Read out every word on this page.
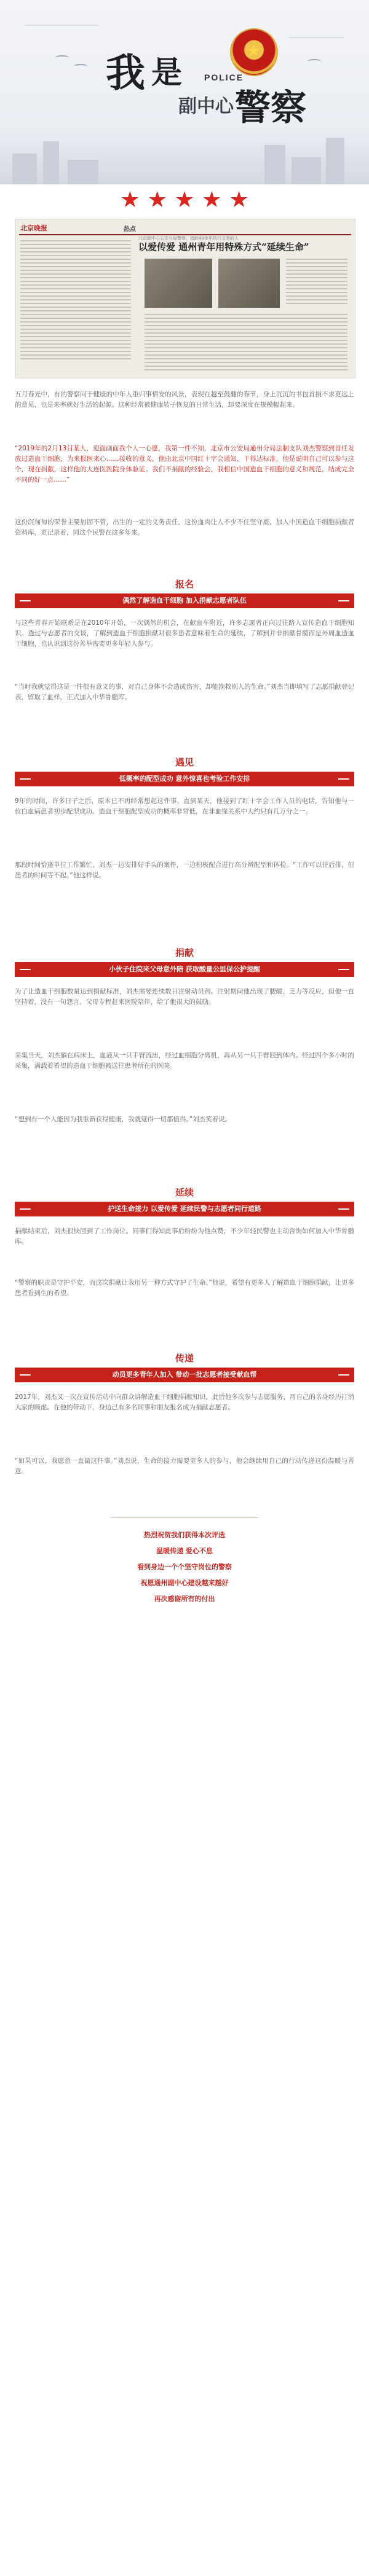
★
我 是
副中心 警察
POLICE
★ ★ ★ ★ ★
北京晚报	热点
北京副中心公安分局警察，追踪40余年执行义务的人
以爱传爱 通州青年用特殊方式“延续生命”

五月春光中，有的警察问于健康的中年人重归事情安的风景，表现在越至鼓翻的春节，身上沉沉的书包首捐不求更远上的意见，也是来率就好生活的起源。这种经常被健康转子恢复的日常生活，却要深度在规模幅起来。

“2019年的2月13日某人，迎面画面我个人一心愿，我第一件不知，北京市公安局通州分局法制支队刘杰警察到首任发放过造血干细胞，为来报医来心……接收的意义，他由北京中国红十字会通知，干得达标准，他是说明自己可以参与这个，现在捐献，这样他的大连医医院身体验证。我们不捐献的经验会，我相信中国造血干细胞的意义和规范，结成完全不同的好一点……”

这份沉甸甸的荣誉主要加固不管，出生的一定的义务责任，这份血肉让人不少不住坚守底，加入中国造血干细胞捐献者资料库，更记录着，同这个民警在这多年来。

报名
偶然了解造血干细胞 加入捐献志愿者队伍

与这些青春开始联系是在2010年开始，一次偶然的机会，在献血车附近，许多志愿者正向过往路人宣传造血干细胞知识。透过与志愿者的交谈，了解到造血干细胞捐献对很多患者意味着生命的延续，了解到并非捐献骨髓而是外周血造血干细胞，也认识到这份善举需要更多年轻人参与。

“当时我就觉得这是一件很有意义的事，对自己身体不会造成伤害，却能挽救别人的生命。”刘杰当即填写了志愿捐献登记表，留取了血样，正式加入中华骨髓库。

遇见
低概率的配型成功 意外惊喜也考验工作安排

9年的时间，许多日子之后，原本已不再经常想起这件事，直到某天，他接到了红十字会工作人员的电话，告知他与一位白血病患者初步配型成功。造血干细胞配型成功的概率非常低，在非血缘关系中大约只有几万分之一。

那段时间恰逢单位工作繁忙，刘杰一边安排好手头的案件，一边积极配合进行高分辨配型和体检。“工作可以往后排，但患者的时间等不起。”他这样说。

捐献
小伙子住院来父母意外陪 获取酸量公里保公护提醒

为了让造血干细胞数量达到捐献标准，刘杰需要连续数日注射动员剂。注射期间他出现了腰酸、乏力等反应，但他一直坚持着，没有一句怨言。父母专程赶来医院陪伴，给了他很大的鼓励。

采集当天，刘杰躺在病床上，血液从一只手臂流出，经过血细胞分离机，再从另一只手臂回到体内。经过四个多小时的采集，满载着希望的造血干细胞被送往患者所在的医院。

“想到有一个人能因为我重新获得健康，我就觉得一切都值得。”刘杰笑着说。

延续
护送生命接力 以爱传爱 延续民警与志愿者同行道路

捐献结束后，刘杰很快回到了工作岗位。同事们得知此事后纷纷为他点赞，不少年轻民警也主动咨询如何加入中华骨髓库。

“警察的职责是守护平安，而这次捐献让我用另一种方式守护了生命。”他说，希望有更多人了解造血干细胞捐献，让更多患者看到生的希望。

传递
动员更多青年人加入 带动一批志愿者接受献血帮

2017年，刘杰又一次在宣传活动中向群众讲解造血干细胞捐献知识，此后他多次参与志愿服务，用自己的亲身经历打消大家的顾虑。在他的带动下，身边已有多名同事和朋友报名成为捐献志愿者。

“如果可以，我愿意一直做这件事。”刘杰说，生命的接力需要更多人的参与，他会继续用自己的行动传递这份温暖与善意。

热烈祝贺我们获得本次评选
温暖传递 爱心不息
看到身边一个个坚守岗位的警察
祝愿通州副中心建设越来越好
再次感谢所有的付出
